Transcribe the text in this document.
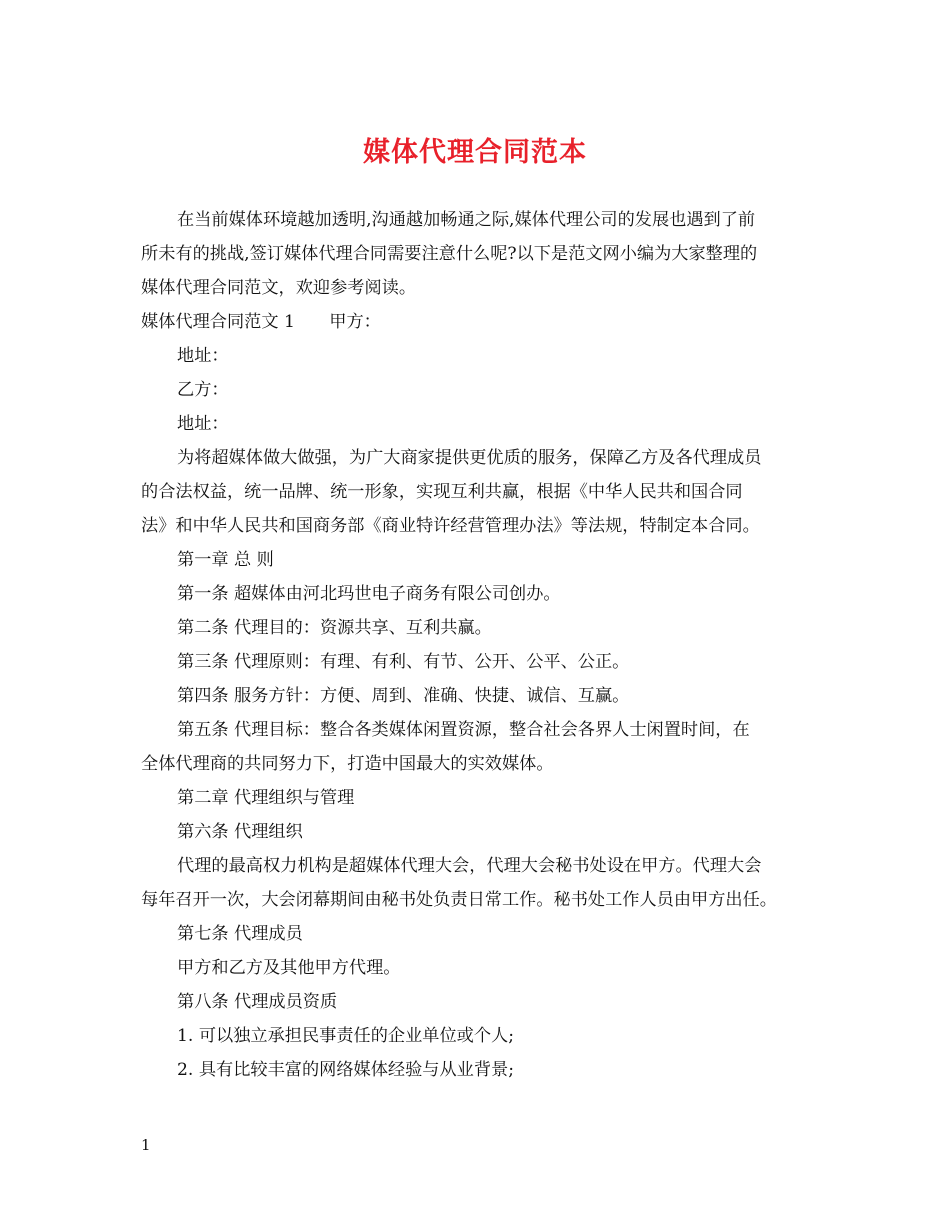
媒体代理合同范本

在当前媒体环境越加透明,沟通越加畅通之际,媒体代理公司的发展也遇到了前

所未有的挑战,签订媒体代理合同需要注意什么呢?以下是范文网小编为大家整理的

媒体代理合同范文，欢迎参考阅读。

媒体代理合同范文 1　　甲方：

地址：

乙方：

地址：

为将超媒体做大做强，为广大商家提供更优质的服务，保障乙方及各代理成员

的合法权益，统一品牌、统一形象，实现互利共赢，根据《中华人民共和国合同

法》和中华人民共和国商务部《商业特许经营管理办法》等法规，特制定本合同。

第一章 总 则

第一条 超媒体由河北玛世电子商务有限公司创办。

第二条 代理目的：资源共享、互利共赢。

第三条 代理原则：有理、有利、有节、公开、公平、公正。

第四条 服务方针：方便、周到、准确、快捷、诚信、互赢。

第五条 代理目标：整合各类媒体闲置资源，整合社会各界人士闲置时间，在

全体代理商的共同努力下，打造中国最大的实效媒体。

第二章 代理组织与管理

第六条 代理组织

代理的最高权力机构是超媒体代理大会，代理大会秘书处设在甲方。代理大会

每年召开一次，大会闭幕期间由秘书处负责日常工作。秘书处工作人员由甲方出任。

第七条 代理成员

甲方和乙方及其他甲方代理。

第八条 代理成员资质

1. 可以独立承担民事责任的企业单位或个人;

2. 具有比较丰富的网络媒体经验与从业背景;

1
